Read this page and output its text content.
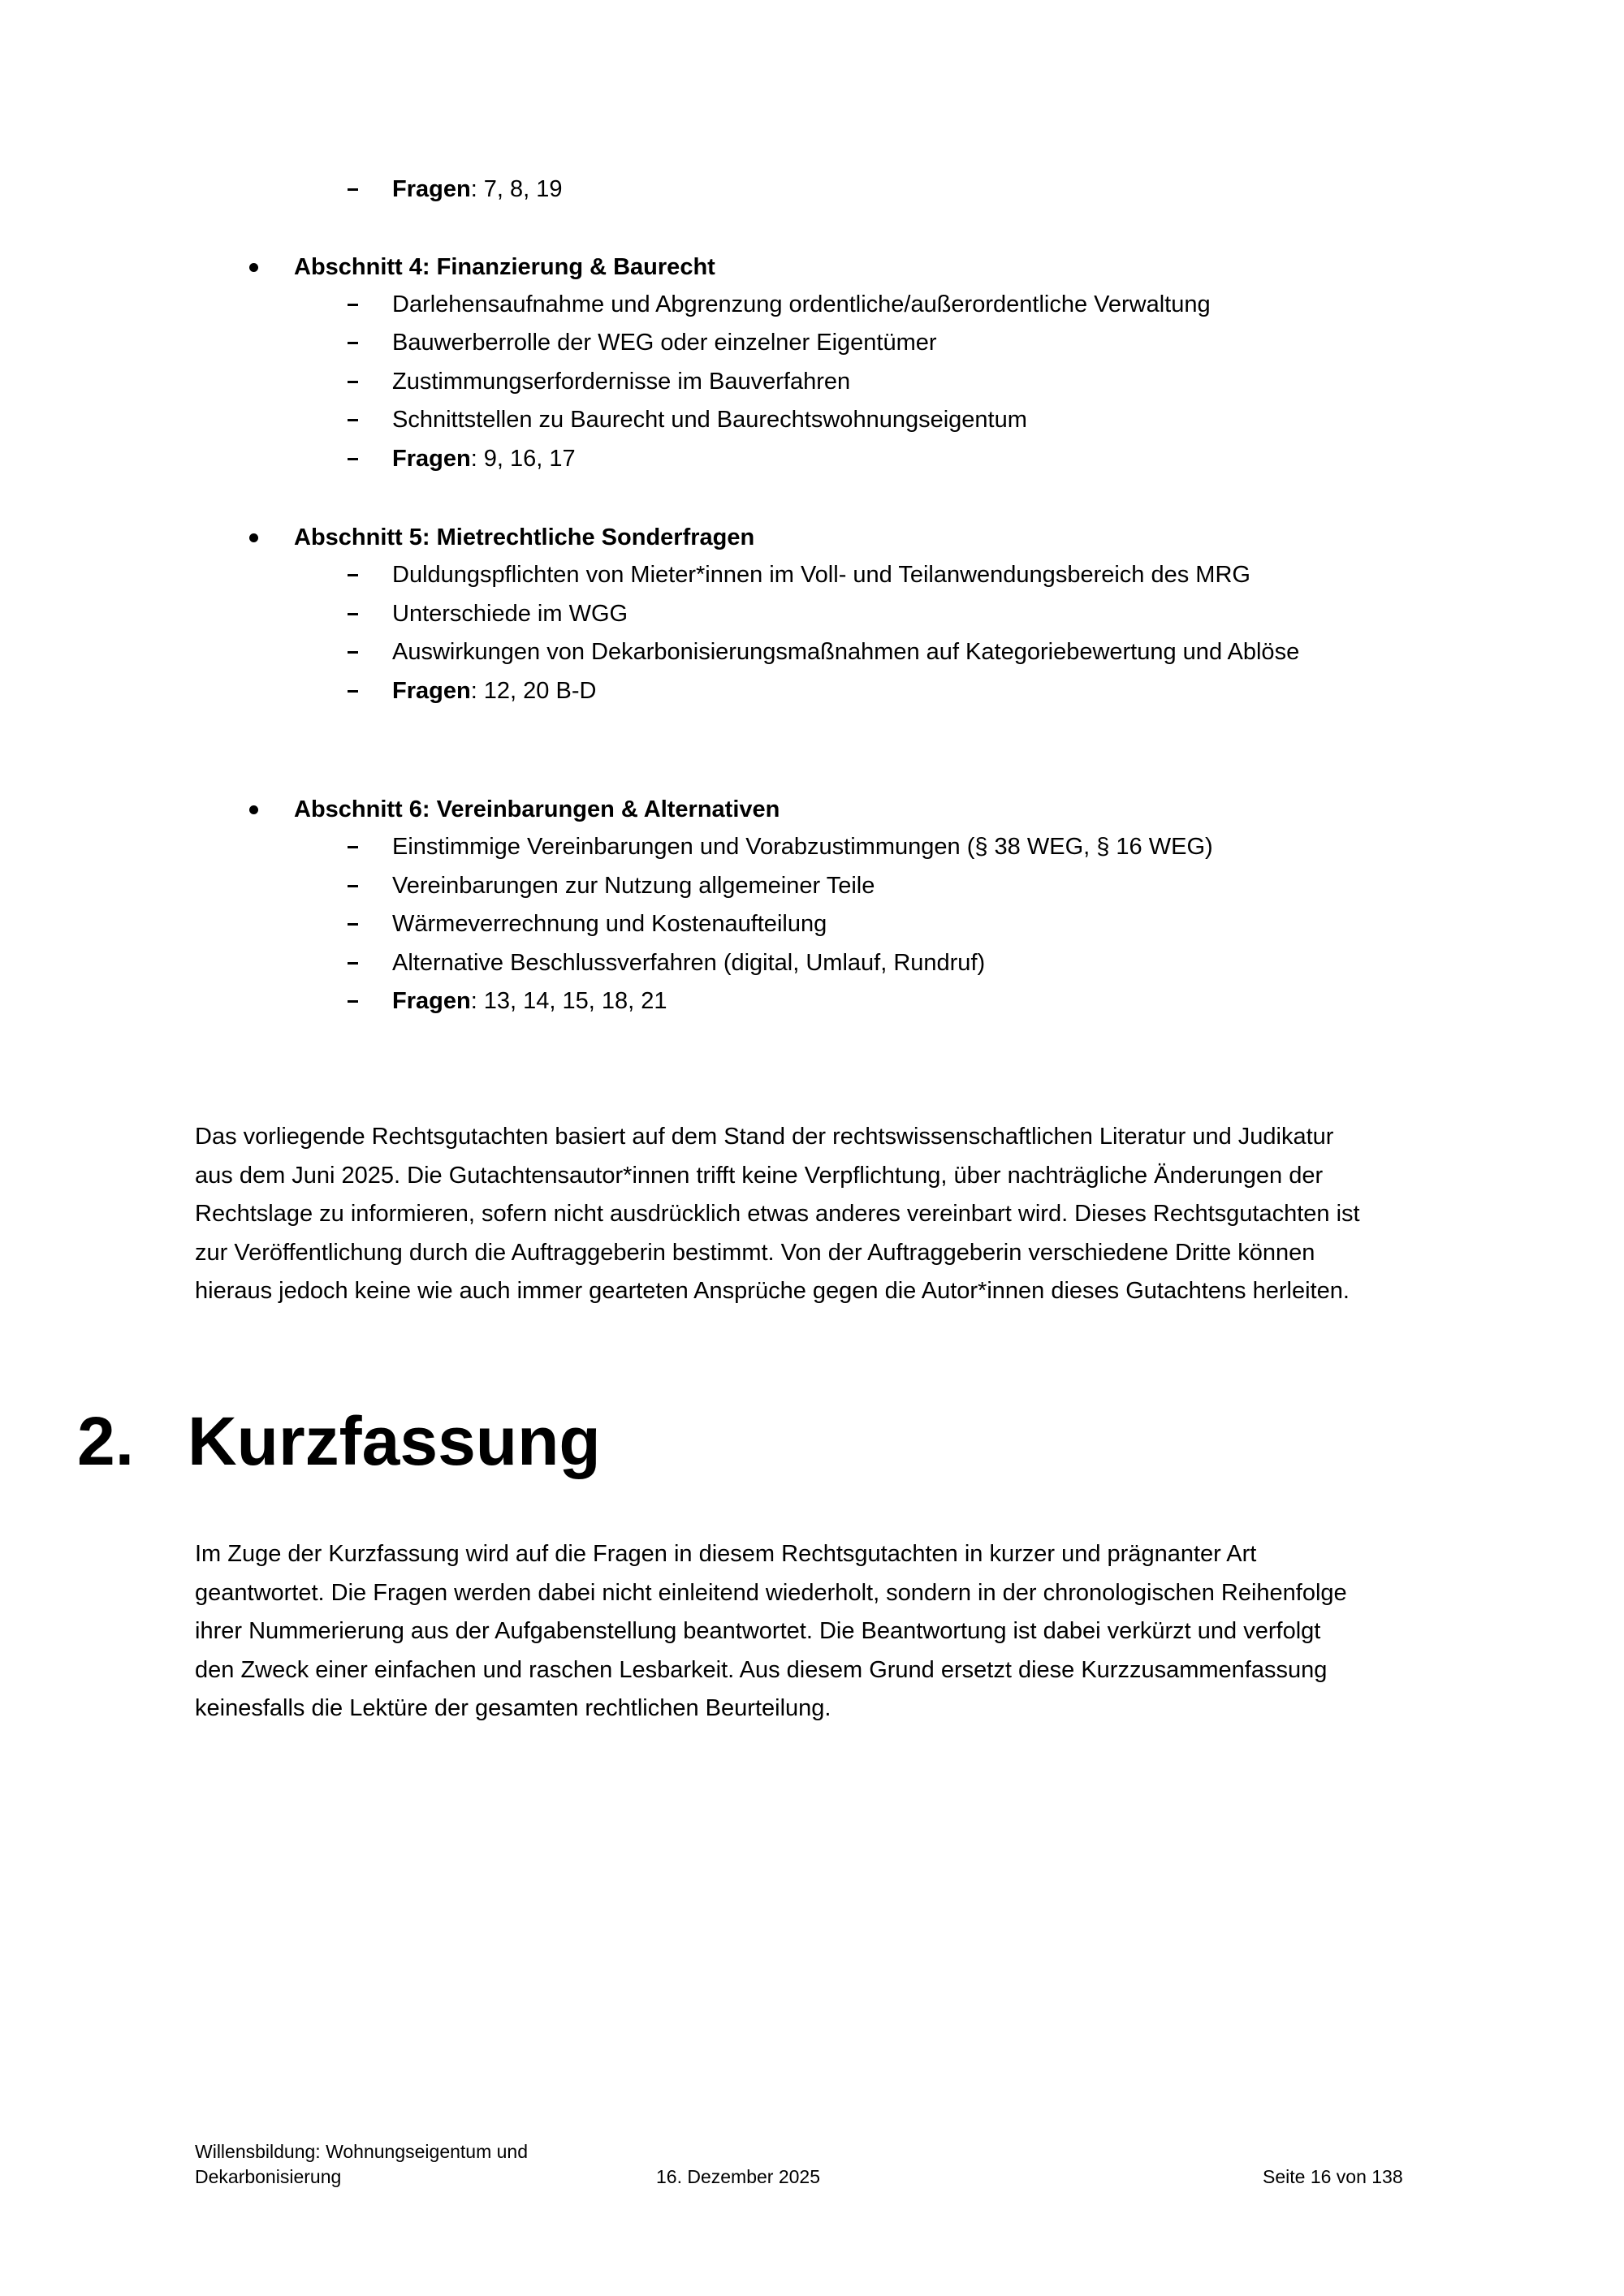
Fragen: 7, 8, 19
Abschnitt 4: Finanzierung & Baurecht
Darlehensaufnahme und Abgrenzung ordentliche/außerordentliche Verwaltung
Bauwerberrolle der WEG oder einzelner Eigentümer
Zustimmungserfordernisse im Bauverfahren
Schnittstellen zu Baurecht und Baurechtswohnungseigentum
Fragen: 9, 16, 17
Abschnitt 5: Mietrechtliche Sonderfragen
Duldungspflichten von Mieter*innen im Voll- und Teilanwendungsbereich des MRG
Unterschiede im WGG
Auswirkungen von Dekarbonisierungsmaßnahmen auf Kategoriebewertung und Ablöse
Fragen: 12, 20 B-D
Abschnitt 6: Vereinbarungen & Alternativen
Einstimmige Vereinbarungen und Vorabzustimmungen (§ 38 WEG, § 16 WEG)
Vereinbarungen zur Nutzung allgemeiner Teile
Wärmeverrechnung und Kostenaufteilung
Alternative Beschlussverfahren (digital, Umlauf, Rundruf)
Fragen: 13, 14, 15, 18, 21

Das vorliegende Rechtsgutachten basiert auf dem Stand der rechtswissenschaftlichen Literatur und Judikatur

aus dem Juni 2025. Die Gutachtensautor*innen trifft keine Verpflichtung, über nachträgliche Änderungen der

Rechtslage zu informieren, sofern nicht ausdrücklich etwas anderes vereinbart wird. Dieses Rechtsgutachten ist

zur Veröffentlichung durch die Auftraggeberin bestimmt. Von der Auftraggeberin verschiedene Dritte können

hieraus jedoch keine wie auch immer gearteten Ansprüche gegen die Autor*innen dieses Gutachtens herleiten.

2. Kurzfassung

Im Zuge der Kurzfassung wird auf die Fragen in diesem Rechtsgutachten in kurzer und prägnanter Art

geantwortet. Die Fragen werden dabei nicht einleitend wiederholt, sondern in der chronologischen Reihenfolge

ihrer Nummerierung aus der Aufgabenstellung beantwortet. Die Beantwortung ist dabei verkürzt und verfolgt

den Zweck einer einfachen und raschen Lesbarkeit. Aus diesem Grund ersetzt diese Kurzzusammenfassung

keinesfalls die Lektüre der gesamten rechtlichen Beurteilung.

Willensbildung: Wohnungseigentum und
Dekarbonisierung	16. Dezember 2025	Seite 16 von 138
